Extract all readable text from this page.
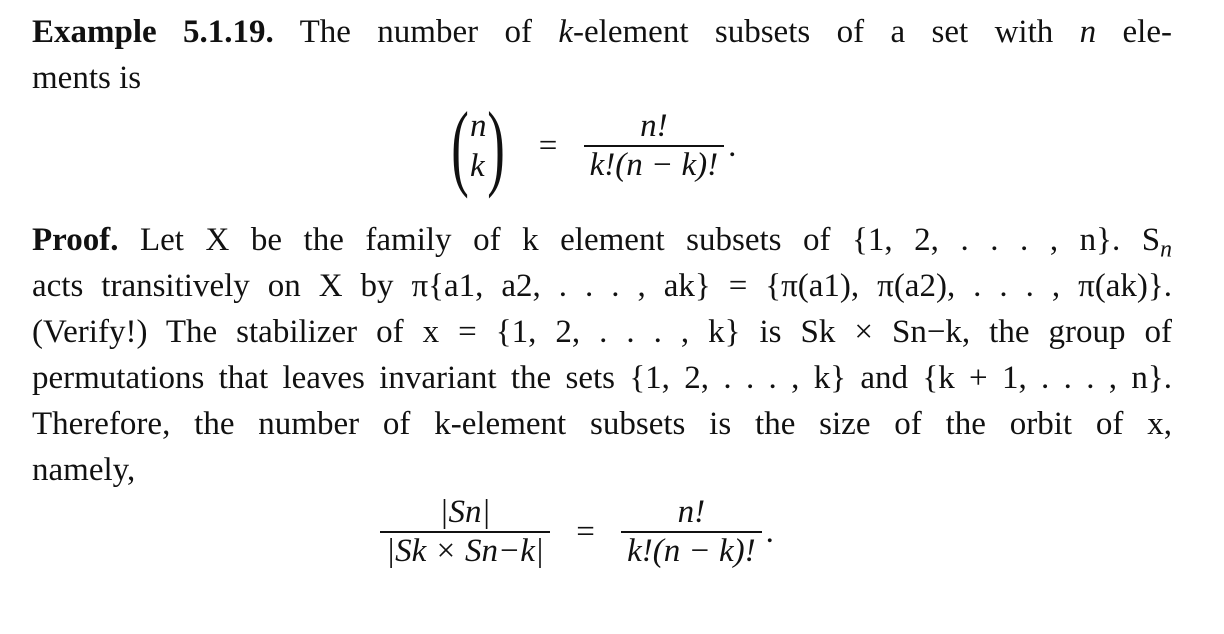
Example 5.1.19. The number of k-element subsets of a set with n ele-
ments is
( n
k ) = $\frac{n!}{k!(n - k)!}$ .
Proof. Let X be the family of k element subsets of {1, 2, . . . , n}. $S_n$
acts transitively on X by π{a1, a2, . . . , ak} = {π(a1), π(a2), . . . , π(ak)}.
(Verify!) The stabilizer of x = {1, 2, . . . , k} is Sk × Sn−k, the group of
permutations that leaves invariant the sets {1, 2, . . . , k} and {k + 1, . . . , n}.
Therefore, the number of k-element subsets is the size of the orbit of x,
namely,
$\frac{|Sn|}{|Sk \times Sn-k|} = \frac{n!}{k!(n - k)!}$ .
